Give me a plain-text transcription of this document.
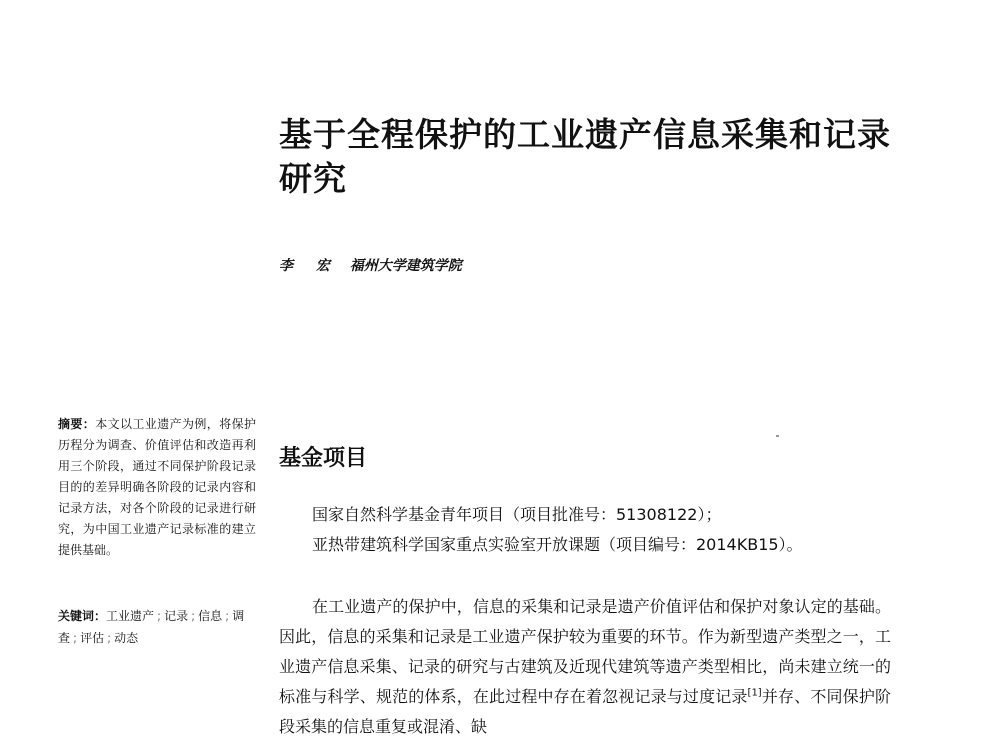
基于全程保护的工业遗产信息采集和记录研究
李 宏 福州大学建筑学院

摘要：本文以工业遗产为例，将保护历程分为调查、价值评估和改造再利用三个阶段，通过不同保护阶段记录目的的差异明确各阶段的记录内容和记录方法，对各个阶段的记录进行研究，为中国工业遗产记录标准的建立提供基础。

关键词：工业遗产 ; 记录 ; 信息 ; 调查 ; 评估 ; 动态

基金项目
国家自然科学基金青年项目（项目批准号：51308122）；
亚热带建筑科学国家重点实验室开放课题（项目编号：2014KB15）。

在工业遗产的保护中，信息的采集和记录是遗产价值评估和保护对象认定的基础。因此，信息的采集和记录是工业遗产保护较为重要的环节。作为新型遗产类型之一，工业遗产信息采集、记录的研究与古建筑及近现代建筑等遗产类型相比，尚未建立统一的标准与科学、规范的体系，在此过程中存在着忽视记录与过度记录[1]并存、不同保护阶段采集的信息重复或混淆、缺
